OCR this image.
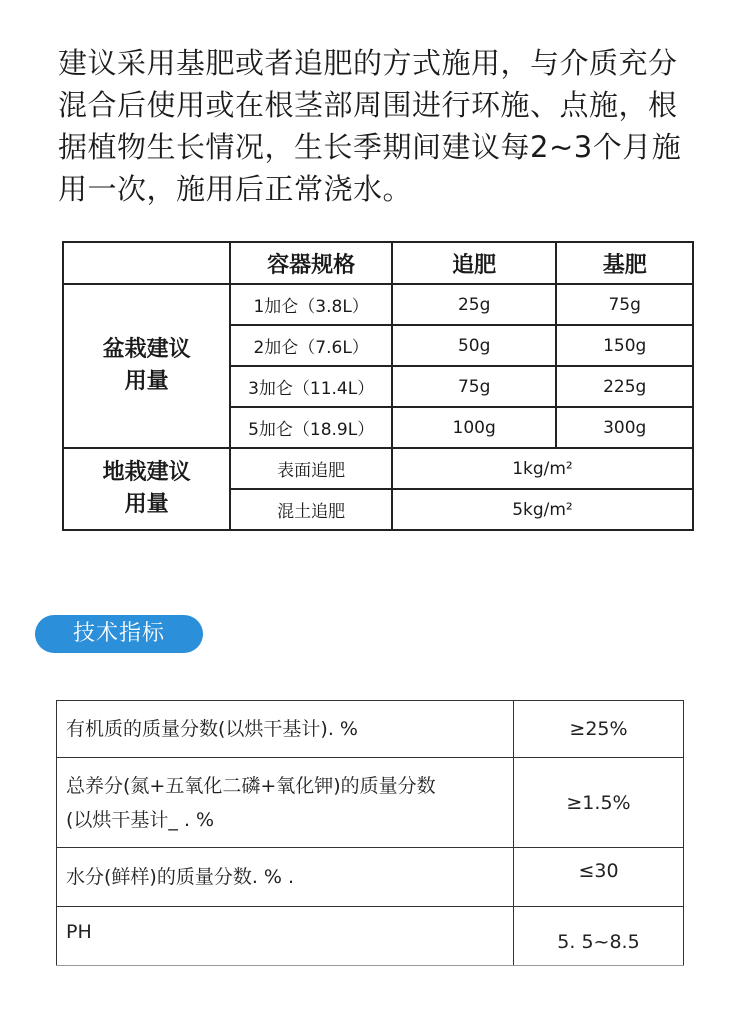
建议采用基肥或者追肥的方式施用，与介质充分
混合后使用或在根茎部周围进行环施、点施，根
据植物生长情况，生长季期间建议每2~3个月施
用一次，施用后正常浇水。

	容器规格	追肥	基肥
盆栽建议
用量	1加仑（3.8L）	25g	75g
	2加仑（7.6L）	50g	150g
	3加仑（11.4L）	75g	225g
	5加仑（18.9L）	100g	300g
地栽建议
用量	表面追肥	1kg/m²	
	混土追肥	5kg/m²	
技术指标
有机质的质量分数(以烘干基计). %	≥25%
总养分(氮+五氧化二磷+氧化钾)的质量分数
(以烘干基计_ . %	≥1.5%
水分(鲜样)的质量分数. % .	≤30
PH	5. 5~8.5
